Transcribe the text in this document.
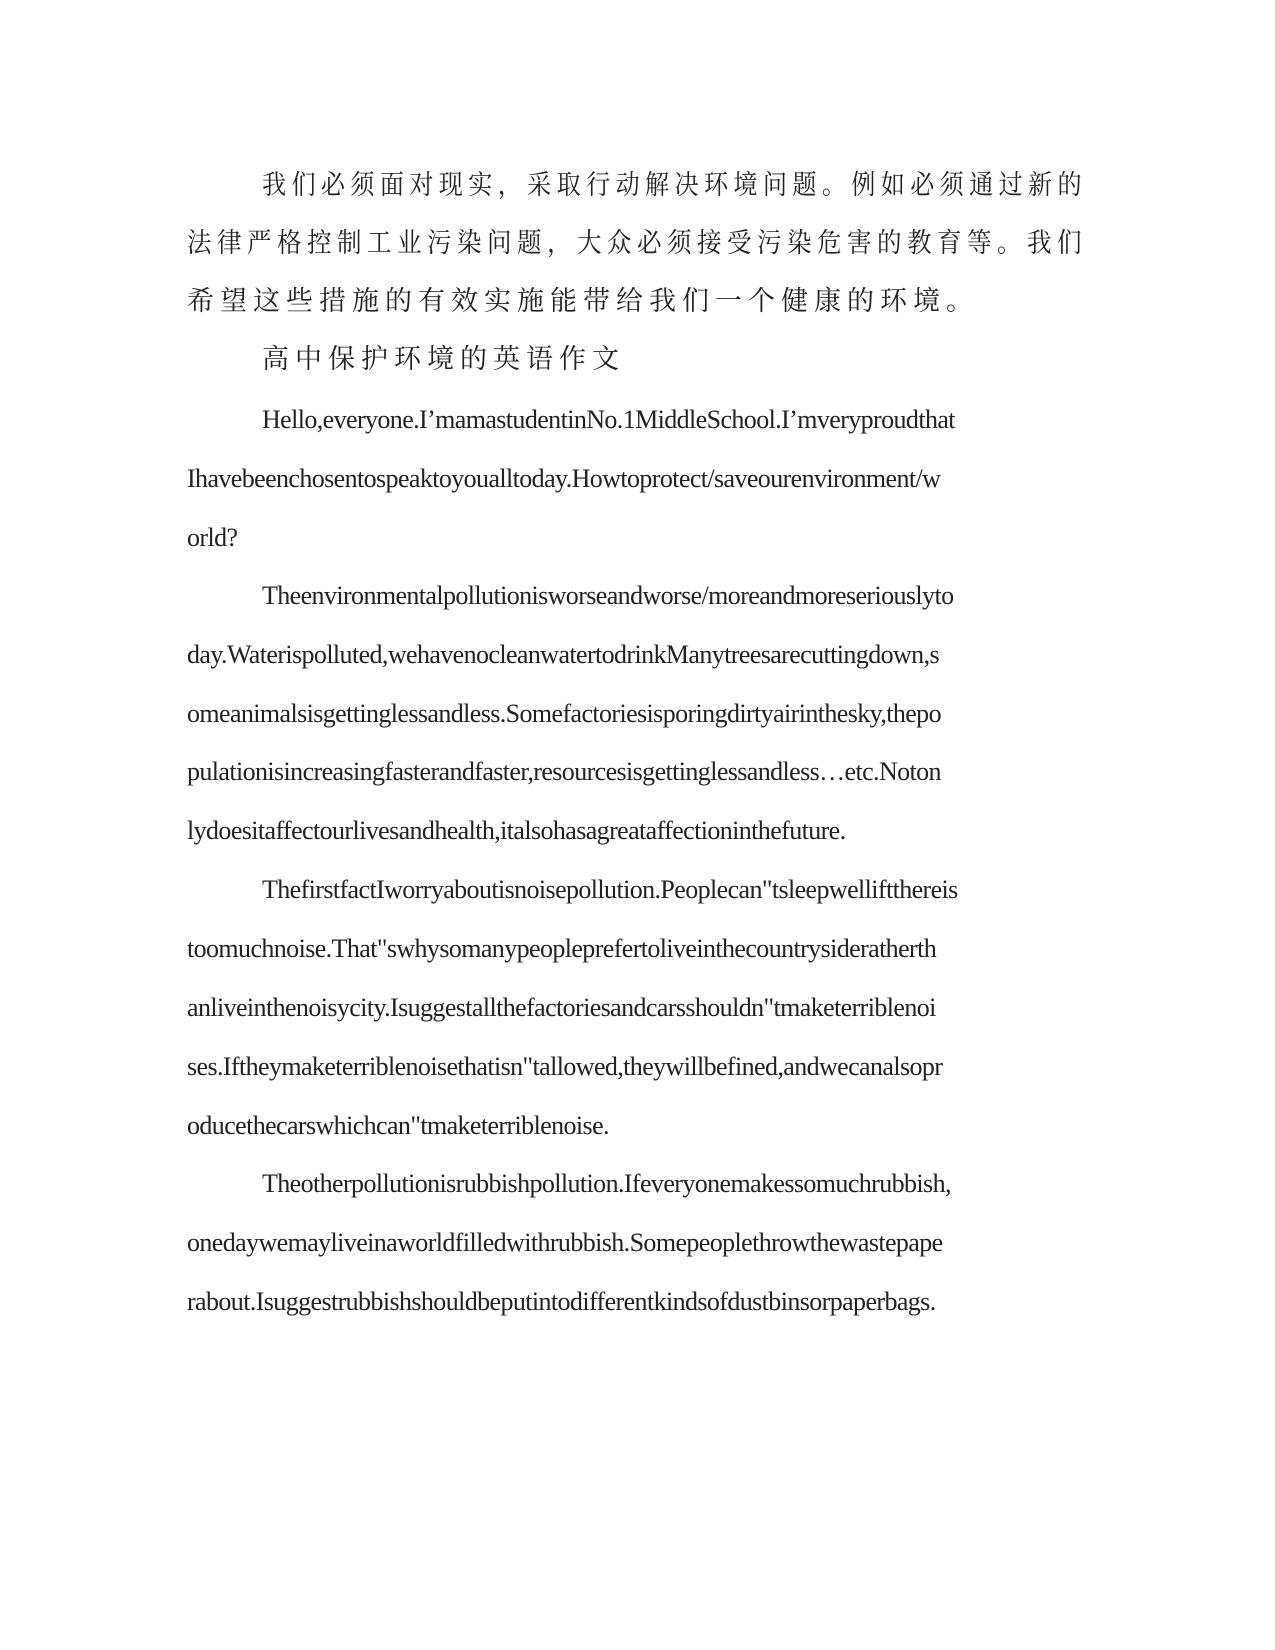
我们必须面对现实，采取行动解决环境问题。例如必须通过新的
法律严格控制工业污染问题，大众必须接受污染危害的教育等。我们
希望这些措施的有效实施能带给我们一个健康的环境。
高中保护环境的英语作文
Hello,everyone.I’mamastudentinNo.1MiddleSchool.I’mveryproudthat
Ihavebeenchosentospeaktoyoualltoday.Howtoprotect/saveourenvironment/w
orld?
Theenvironmentalpollutionisworseandworse/moreandmoreseriouslyto
day.Waterispolluted,wehavenocleanwatertodrinkManytreesarecuttingdown,s
omeanimalsisgettinglessandless.Somefactoriesisporingdirtyairinthesky,thepo
pulationisincreasingfasterandfaster,resourcesisgettinglessandless…etc.Noton
lydoesitaffectourlivesandhealth,italsohasagreataffectioninthefuture.
ThefirstfactIworryaboutisnoisepollution.Peoplecan"tsleepwelliftthereis
toomuchnoise.That"swhysomanypeopleprefertoliveinthecountrysideratherth
anliveinthenoisycity.Isuggestallthefactoriesandcarsshouldn"tmaketerriblenoi
ses.Iftheymaketerriblenoisethatisn"tallowed,theywillbefined,andwecanalsopr
oducethecarswhichcan"tmaketerriblenoise.
Theotherpollutionisrubbishpollution.Ifeveryonemakessomuchrubbish,
onedaywemayliveinaworldfilledwithrubbish.Somepeoplethrowthewastepape
rabout.Isuggestrubbishshouldbeputintodifferentkindsofdustbinsorpaperbags.
